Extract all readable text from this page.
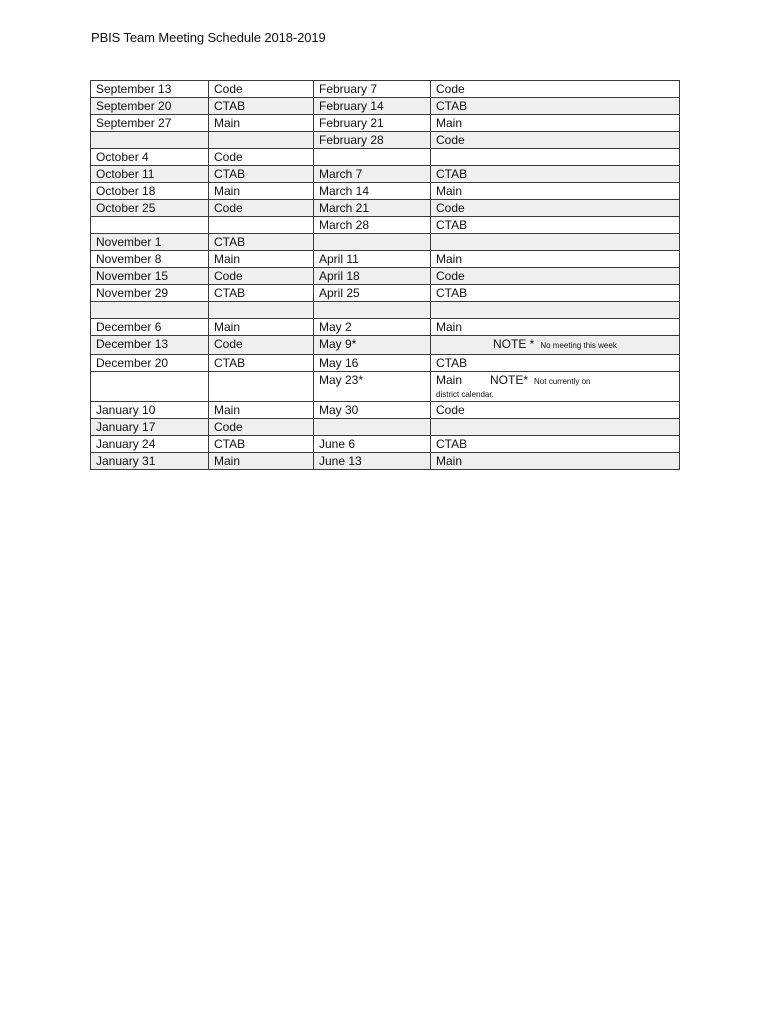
PBIS Team Meeting Schedule 2018-2019
September 13	Code	February 7	Code
September 20	CTAB	February 14	CTAB
September 27	Main	February 21	Main
		February 28	Code
October 4	Code		
October 11	CTAB	March 7	CTAB
October 18	Main	March 14	Main
October 25	Code	March 21	Code
		March 28	CTAB
November 1	CTAB		
November 8	Main	April 11	Main
November 15	Code	April 18	Code
November 29	CTAB	April 25	CTAB

December 6	Main	May 2	Main
December 13	Code	May 9*	NOTE * No meeting this week
December 20	CTAB	May 16	CTAB
		May 23*	Main NOTE* Not currently on
district calendar.

January 10	Main	May 30	Code
January 17	Code		
January 24	CTAB	June 6	CTAB
January 31	Main	June 13	Main
